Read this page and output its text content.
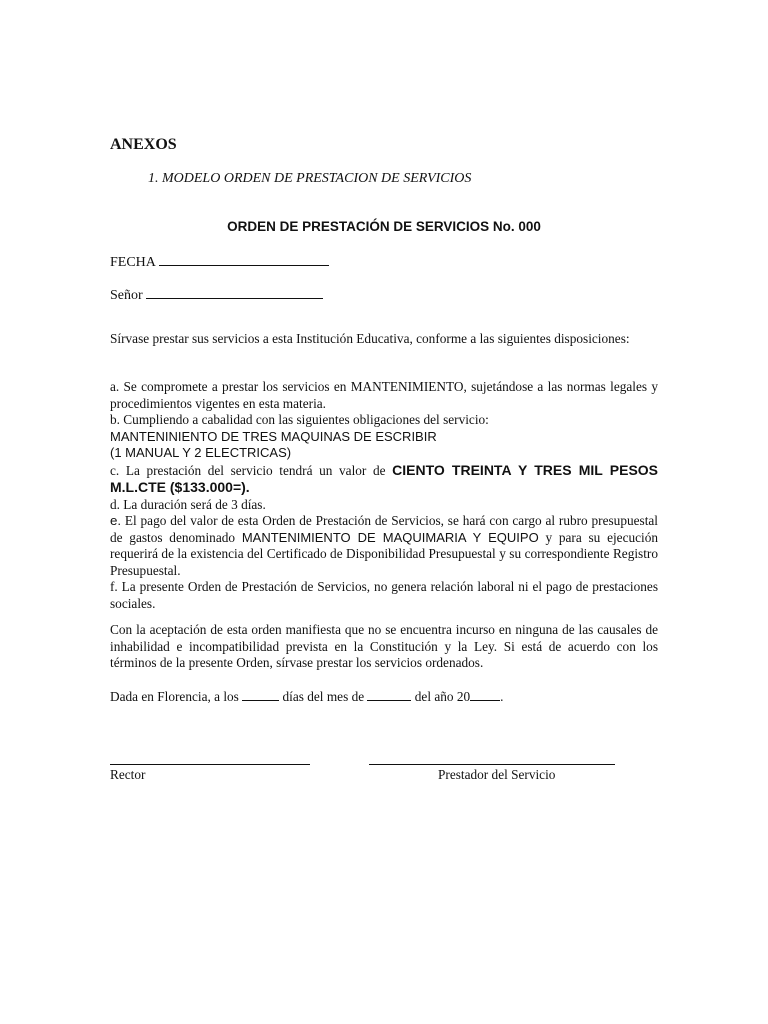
ANEXOS
1. MODELO ORDEN DE PRESTACION DE SERVICIOS
ORDEN DE PRESTACIÓN DE SERVICIOS No. 000
FECHA
Señor

Sírvase prestar sus servicios a esta Institución Educativa, conforme a las siguientes disposiciones:

a. Se compromete a prestar los servicios en MANTENIMIENTO, sujetándose a las normas legales y procedimientos vigentes en esta materia.

b. Cumpliendo a cabalidad con las siguientes obligaciones del servicio:

MANTENINIENTO DE TRES MAQUINAS DE ESCRIBIR

(1 MANUAL Y 2 ELECTRICAS)

c. La prestación del servicio tendrá un valor de CIENTO TREINTA Y TRES MIL PESOS M.L.CTE ($133.000=).

d. La duración será de 3 días.

e. El pago del valor de esta Orden de Prestación de Servicios, se hará con cargo al rubro presupuestal de gastos denominado MANTENIMIENTO DE MAQUIMARIA Y EQUIPO y para su ejecución requerirá de la existencia del Certificado de Disponibilidad Presupuestal y su correspondiente Registro Presupuestal.

f. La presente Orden de Prestación de Servicios, no genera relación laboral ni el pago de prestaciones sociales.

Con la aceptación de esta orden manifiesta que no se encuentra incurso en ninguna de las causales de inhabilidad e incompatibilidad prevista en la Constitución y la Ley. Si está de acuerdo con los términos de la presente Orden, sírvase prestar los servicios ordenados.

Dada en Florencia, a los	días del mes de	del año 20 .
Rector	Prestador del Servicio
